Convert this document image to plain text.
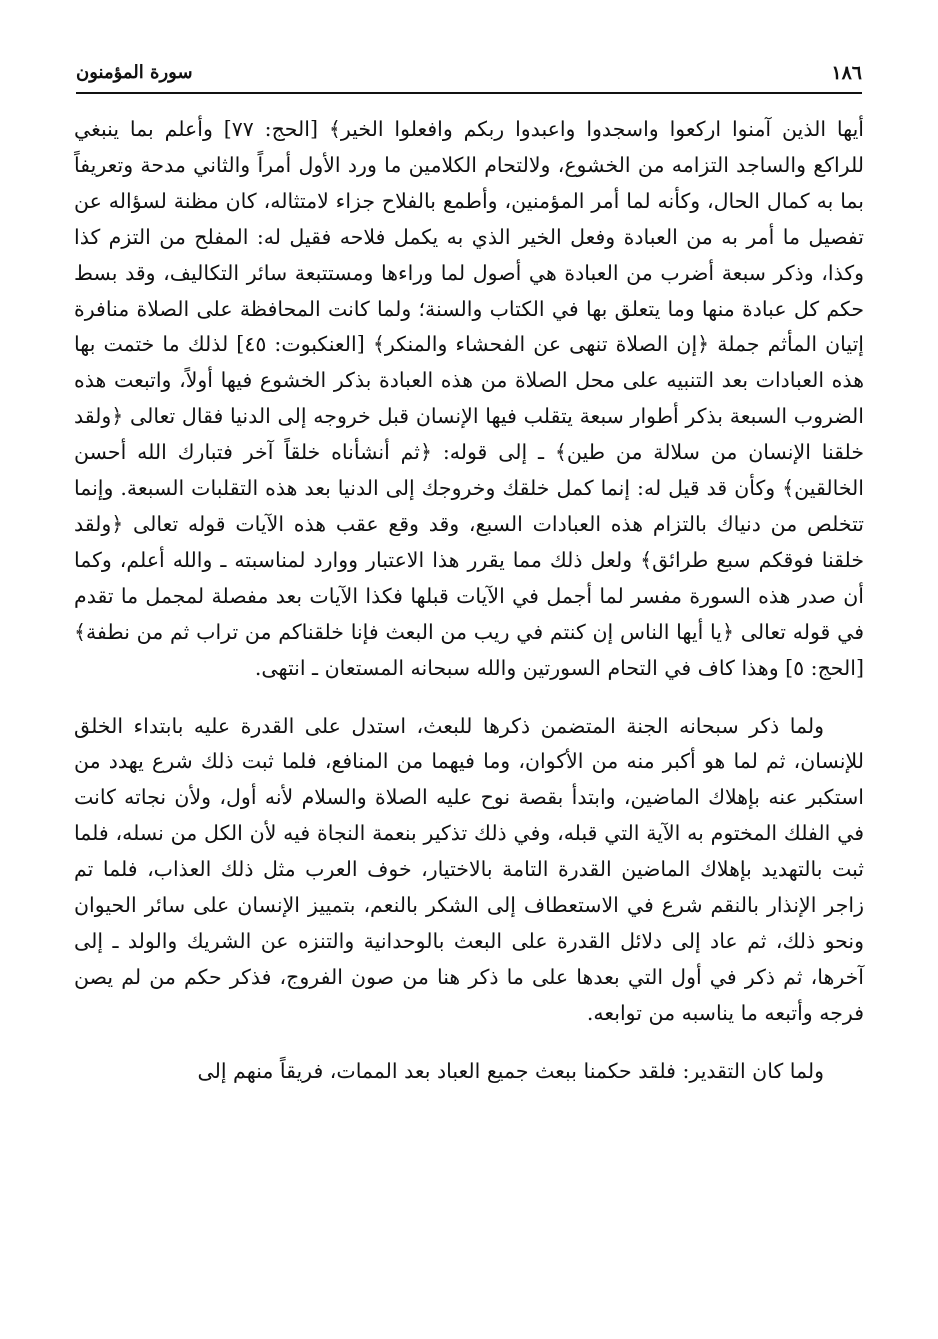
١٨٦
سورة المؤمنون

أيها الذين آمنوا اركعوا واسجدوا واعبدوا ربكم وافعلوا الخير﴾ [الحج: ٧٧] وأعلم بما ينبغي للراكع والساجد التزامه من الخشوع، ولالتحام الكلامين ما ورد الأول أمراً والثاني مدحة وتعريفاً بما به كمال الحال، وكأنه لما أمر المؤمنين، وأطمع بالفلاح جزاء لامتثاله، كان مظنة لسؤاله عن تفصيل ما أمر به من العبادة وفعل الخير الذي به يكمل فلاحه فقيل له: المفلح من التزم كذا وكذا، وذكر سبعة أضرب من العبادة هي أصول لما وراءها ومستتبعة سائر التكاليف، وقد بسط حكم كل عبادة منها وما يتعلق بها في الكتاب والسنة؛ ولما كانت المحافظة على الصلاة منافرة إتيان المأثم جملة ﴿إن الصلاة تنهى عن الفحشاء والمنكر﴾ [العنكبوت: ٤٥] لذلك ما ختمت بها هذه العبادات بعد التنبيه على محل الصلاة من هذه العبادة بذكر الخشوع فيها أولاً، واتبعت هذه الضروب السبعة بذكر أطوار سبعة يتقلب فيها الإنسان قبل خروجه إلى الدنيا فقال تعالى ﴿ولقد خلقنا الإنسان من سلالة من طين﴾ ـ إلى قوله: ﴿ثم أنشأناه خلقاً آخر فتبارك الله أحسن الخالقين﴾ وكأن قد قيل له: إنما كمل خلقك وخروجك إلى الدنيا بعد هذه التقلبات السبعة. وإنما تتخلص من دنياك بالتزام هذه العبادات السبع، وقد وقع عقب هذه الآيات قوله تعالى ﴿ولقد خلقنا فوقكم سبع طرائق﴾ ولعل ذلك مما يقرر هذا الاعتبار ووارد لمناسبته ـ والله أعلم، وكما أن صدر هذه السورة مفسر لما أجمل في الآيات قبلها فكذا الآيات بعد مفصلة لمجمل ما تقدم في قوله تعالى ﴿يا أيها الناس إن كنتم في ريب من البعث فإنا خلقناكم من تراب ثم من نطفة﴾ [الحج: ٥] وهذا كاف في التحام السورتين والله سبحانه المستعان ـ انتهى.

ولما ذكر سبحانه الجنة المتضمن ذكرها للبعث، استدل على القدرة عليه بابتداء الخلق للإنسان، ثم لما هو أكبر منه من الأكوان، وما فيهما من المنافع، فلما ثبت ذلك شرع يهدد من استكبر عنه بإهلاك الماضين، وابتدأ بقصة نوح عليه الصلاة والسلام لأنه أول، ولأن نجاته كانت في الفلك المختوم به الآية التي قبله، وفي ذلك تذكير بنعمة النجاة فيه لأن الكل من نسله، فلما ثبت بالتهديد بإهلاك الماضين القدرة التامة بالاختيار، خوف العرب مثل ذلك العذاب، فلما تم زاجر الإنذار بالنقم شرع في الاستعطاف إلى الشكر بالنعم، بتمييز الإنسان على سائر الحيوان ونحو ذلك، ثم عاد إلى دلائل القدرة على البعث بالوحدانية والتنزه عن الشريك والولد ـ إلى آخرها، ثم ذكر في أول التي بعدها على ما ذكر هنا من صون الفروج، فذكر حكم من لم يصن فرجه وأتبعه ما يناسبه من توابعه.

ولما كان التقدير: فلقد حكمنا ببعث جميع العباد بعد الممات، فريقاً منهم إلى
